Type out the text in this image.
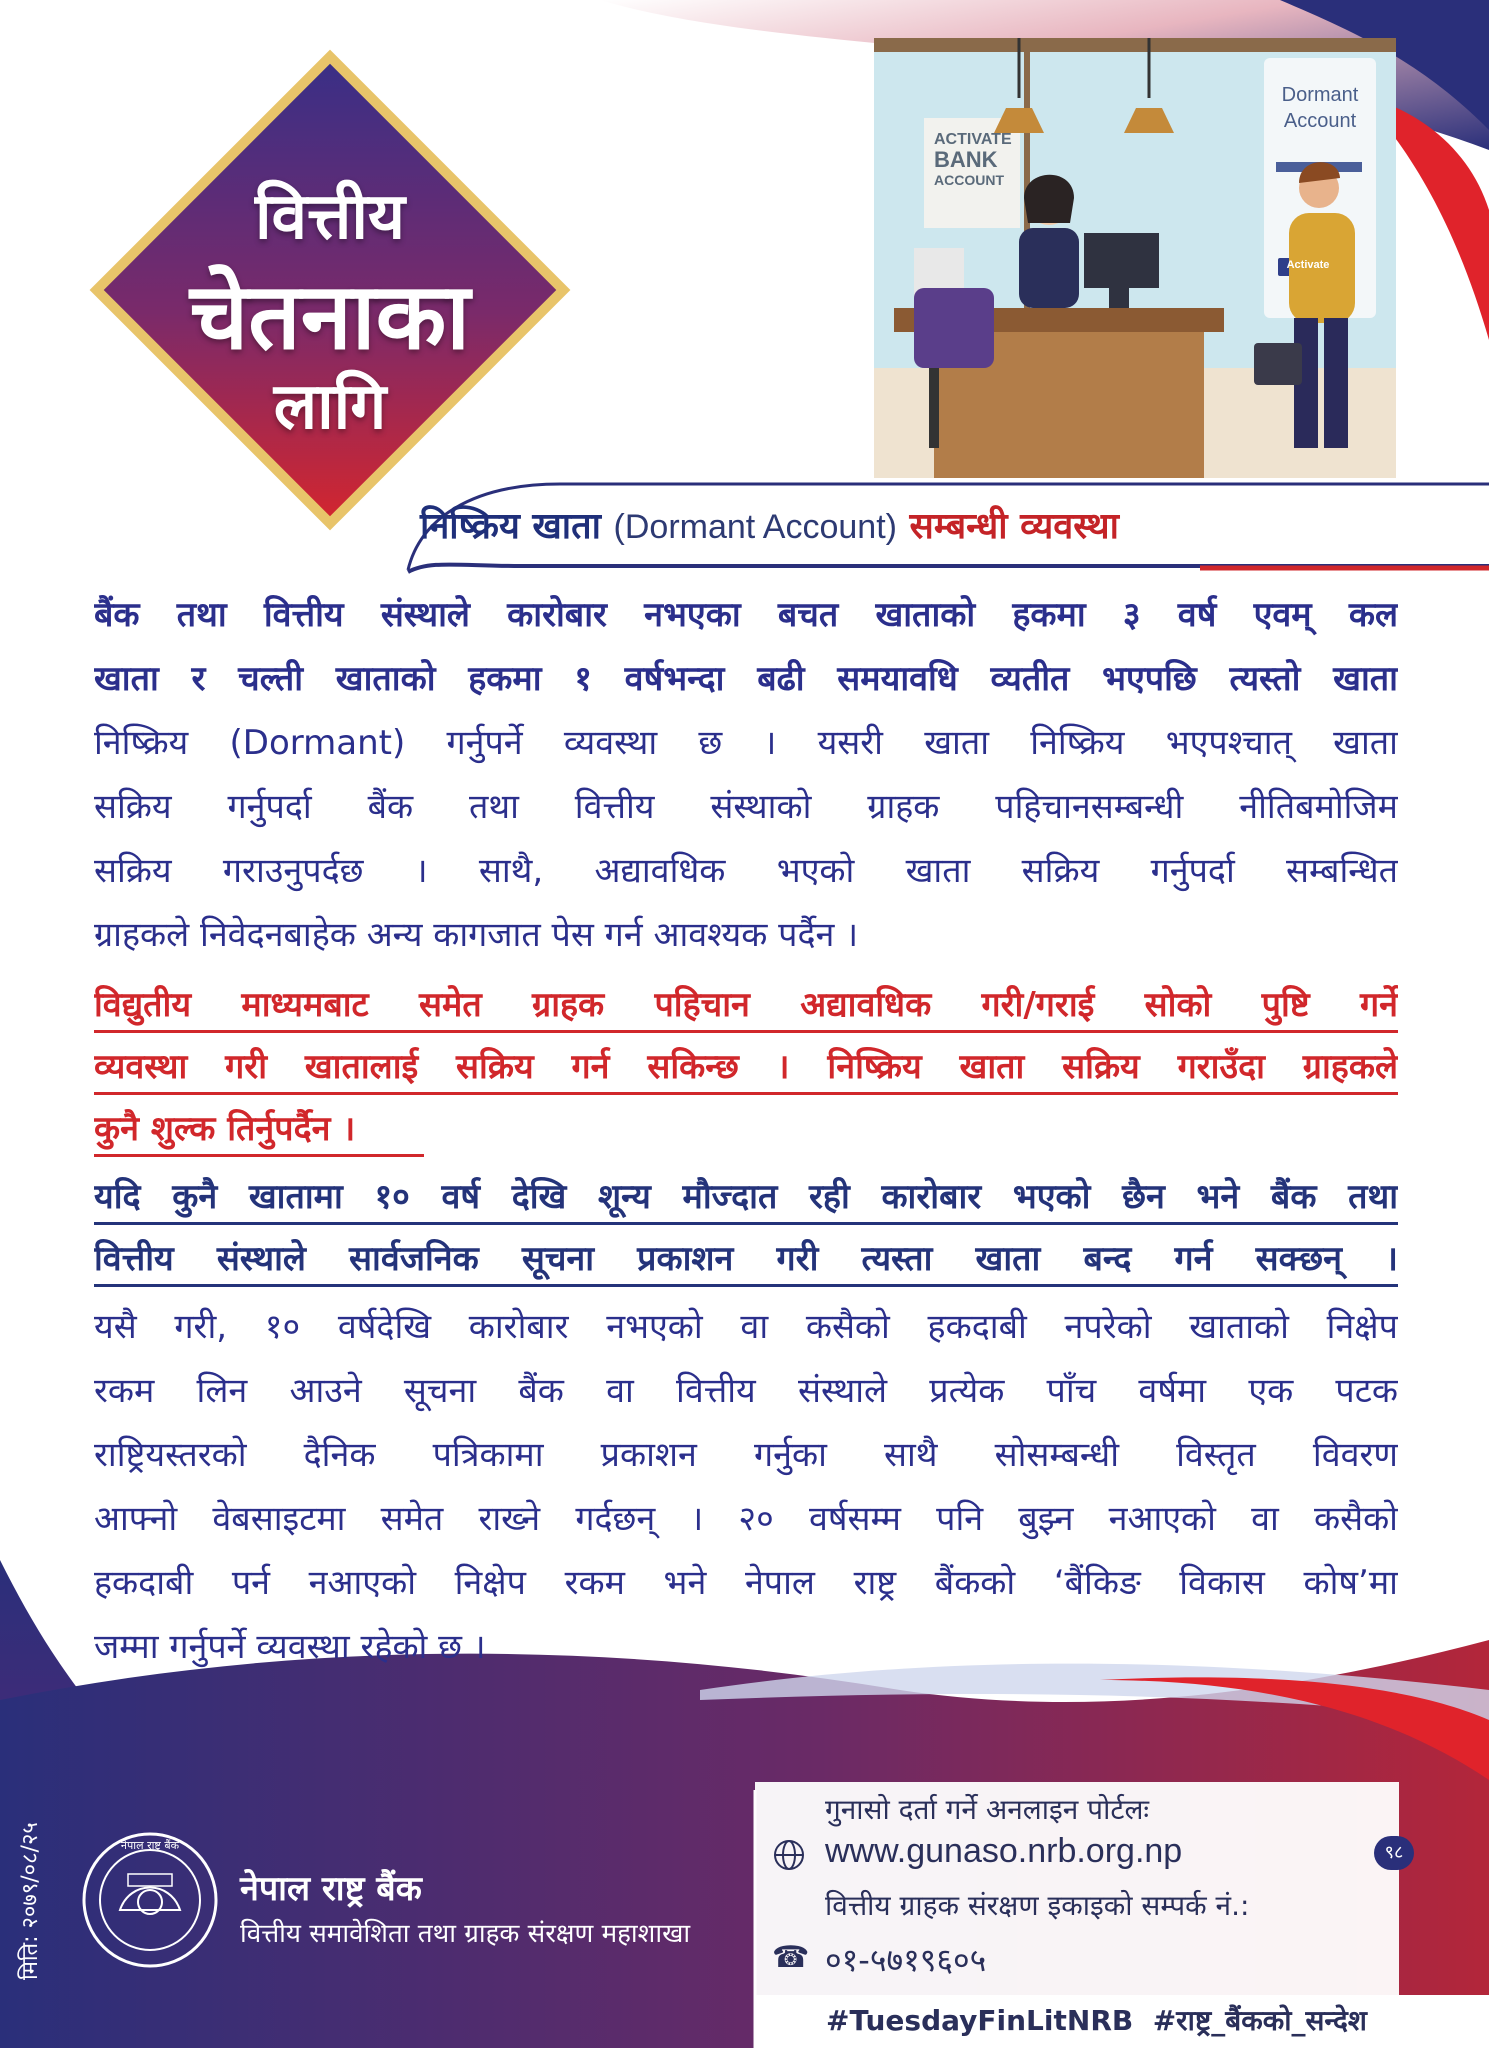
वित्तीय
चेतनाका
लागि
ACTIVATE
BANK
ACCOUNT
Dormant
Account
Activate
निष्क्रिय खाता (Dormant Account) सम्बन्धी व्यवस्था
बैंक तथा वित्तीय संस्थाले कारोबार नभएका बचत खाताको हकमा ३ वर्ष एवम् कल
खाता र चल्ती खाताको हकमा १ वर्षभन्दा बढी समयावधि व्यतीत भएपछि त्यस्तो खाता
निष्क्रिय (Dormant) गर्नुपर्ने व्यवस्था छ । यसरी खाता निष्क्रिय भएपश्चात् खाता
सक्रिय गर्नुपर्दा बैंक तथा वित्तीय संस्थाको ग्राहक पहिचानसम्बन्धी नीतिबमोजिम
सक्रिय गराउनुपर्दछ । साथै, अद्यावधिक भएको खाता सक्रिय गर्नुपर्दा सम्बन्धित
ग्राहकले निवेदनबाहेक अन्य कागजात पेस गर्न आवश्यक पर्दैन ।
विद्युतीय माध्यमबाट समेत ग्राहक पहिचान अद्यावधिक गरी/गराई सोको पुष्टि गर्ने
व्यवस्था गरी खातालाई सक्रिय गर्न सकिन्छ । निष्क्रिय खाता सक्रिय गराउँदा ग्राहकले
कुनै शुल्क तिर्नुपर्दैन ।
यदि कुनै खातामा १० वर्ष देखि शून्य मौज्दात रही कारोबार भएको छैन भने बैंक तथा
वित्तीय संस्थाले सार्वजनिक सूचना प्रकाशन गरी त्यस्ता खाता बन्द गर्न सक्छन् ।
यसै गरी, १० वर्षदेखि कारोबार नभएको वा कसैको हकदाबी नपरेको खाताको निक्षेप
रकम लिन आउने सूचना बैंक वा वित्तीय संस्थाले प्रत्येक पाँच वर्षमा एक पटक
राष्ट्रियस्तरको दैनिक पत्रिकामा प्रकाशन गर्नुका साथै सोसम्बन्धी विस्तृत विवरण
आफ्नो वेबसाइटमा समेत राख्ने गर्दछन् । २० वर्षसम्म पनि बुझ्न नआएको वा कसैको
हकदाबी पर्न नआएको निक्षेप रकम भने नेपाल राष्ट्र बैंकको ‘बैंकिङ विकास कोष’मा
जम्मा गर्नुपर्ने व्यवस्था रहेको छ ।
मिति: २०७९/०८/२५	नेपाल राष्ट्र बैंक
नेपाल राष्ट्र बैंक
वित्तीय समावेशिता तथा ग्राहक संरक्षण महाशाखा
गुनासो दर्ता गर्ने अनलाइन पोर्टलः
www.gunaso.nrb.org.np	९८
वित्तीय ग्राहक संरक्षण इकाइको सम्पर्क नं.:
☎ ०१-५७१९६०५
#TuesdayFinLitNRB  #राष्ट्र_बैंकको_सन्देश
